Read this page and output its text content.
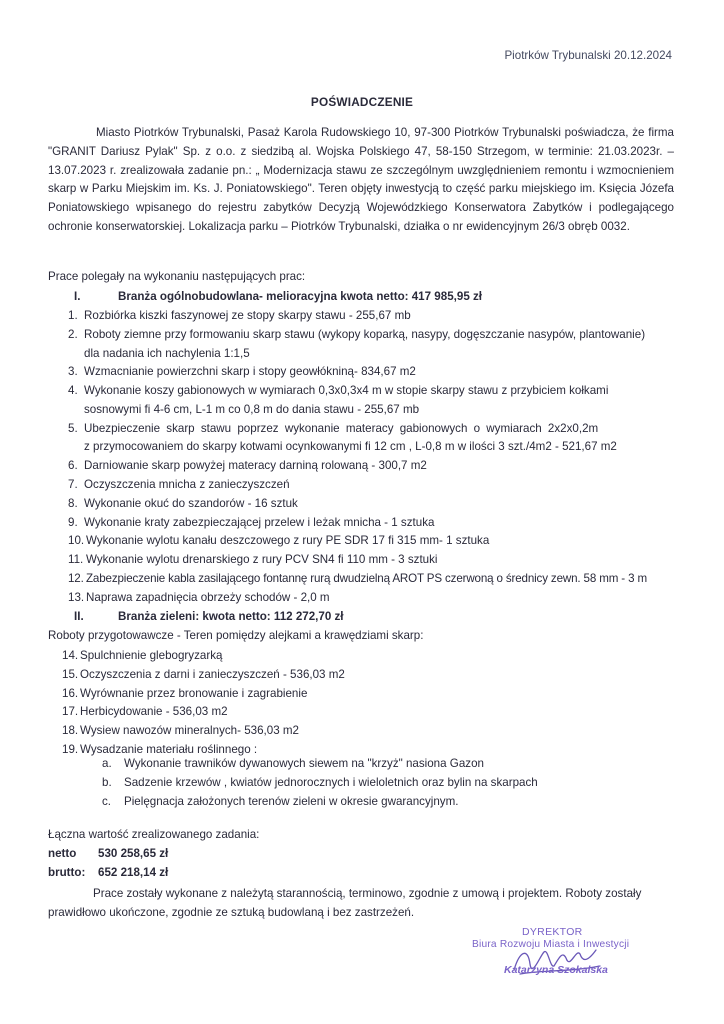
Piotrków Trybunalski 20.12.2024
POŚWIADCZENIE
Miasto Piotrków Trybunalski, Pasaż Karola Rudowskiego 10, 97-300 Piotrków Trybunalski poświadcza, że firma "GRANIT Dariusz Pylak" Sp. z o.o. z siedzibą al. Wojska Polskiego 47, 58-150 Strzegom, w terminie: 21.03.2023r. – 13.07.2023 r. zrealizowała zadanie pn.: „ Modernizacja stawu ze szczególnym uwzględnieniem remontu i wzmocnieniem skarp w Parku Miejskim im. Ks. J. Poniatowskiego". Teren objęty inwestycją to część parku miejskiego im. Księcia Józefa Poniatowskiego wpisanego do rejestru zabytków Decyzją Wojewódzkiego Konserwatora Zabytków i podlegającego ochronie konserwatorskiej. Lokalizacja parku – Piotrków Trybunalski, działka o nr ewidencyjnym 26/3 obręb 0032.
Prace polegały na wykonaniu następujących prac:
I.	Branża ogólnobudowlana- melioracyjna kwota netto: 417 985,95 zł
1. Rozbiórka kiszki faszynowej ze stopy skarpy stawu - 255,67 mb
2. Roboty ziemne przy formowaniu skarp stawu (wykopy koparką, nasypy, dogęszczanie nasypów, plantowanie)
dla nadania ich nachylenia 1:1,5
3. Wzmacnianie powierzchni skarp i stopy geowłókniną- 834,67 m2
4. Wykonanie koszy gabionowych w wymiarach 0,3x0,3x4 m w stopie skarpy stawu z przybiciem kołkami
sosnowymi fi 4-6 cm, L-1 m co 0,8 m do dania stawu - 255,67 mb
5. Ubezpieczenie skarp stawu poprzez wykonanie materacy gabionowych o wymiarach 2x2x0,2m
z przymocowaniem do skarpy kotwami ocynkowanymi fi 12 cm , L-0,8 m w ilości 3 szt./4m2 - 521,67 m2
6. Darniowanie skarp powyżej materacy darniną rolowaną - 300,7 m2
7. Oczyszczenia mnicha z zanieczyszczeń
8. Wykonanie okuć do szandorów - 16 sztuk
9. Wykonanie kraty zabezpieczającej przelew i leżak mnicha - 1 sztuka
10. Wykonanie wylotu kanału deszczowego z rury PE SDR 17 fi 315 mm- 1 sztuka
11. Wykonanie wylotu drenarskiego z rury PCV SN4 fi 110 mm - 3 sztuki
12. Zabezpieczenie kabla zasilającego fontannę rurą dwudzielną AROT PS czerwoną o średnicy zewn. 58 mm - 3 m
13. Naprawa zapadnięcia obrzeży schodów - 2,0 m
II.	Branża zieleni: kwota netto: 112 272,70 zł
Roboty przygotowawcze - Teren pomiędzy alejkami a krawędziami skarp:
14. Spulchnienie glebogryzarką
15. Oczyszczenia z darni i zanieczyszczeń - 536,03 m2
16. Wyrównanie przez bronowanie i zagrabienie
17. Herbicydowanie - 536,03 m2
18. Wysiew nawozów mineralnych- 536,03 m2
19. Wysadzanie materiału roślinnego :
a. Wykonanie trawników dywanowych siewem na "krzyż" nasiona Gazon
b. Sadzenie krzewów , kwiatów jednorocznych i wieloletnich oraz bylin na skarpach
c. Pielęgnacja założonych terenów zieleni w okresie gwarancyjnym.
Łączna wartość zrealizowanego zadania:
netto 530 258,65 zł
brutto: 652 218,14 zł
Prace zostały wykonane z należytą starannością, terminowo, zgodnie z umową i projektem. Roboty zostały prawidłowo ukończone, zgodnie ze sztuką budowlaną i bez zastrzeżeń.
DYREKTOR
Biura Rozwoju Miasta i Inwestycji
Katarzyna Szokalska
